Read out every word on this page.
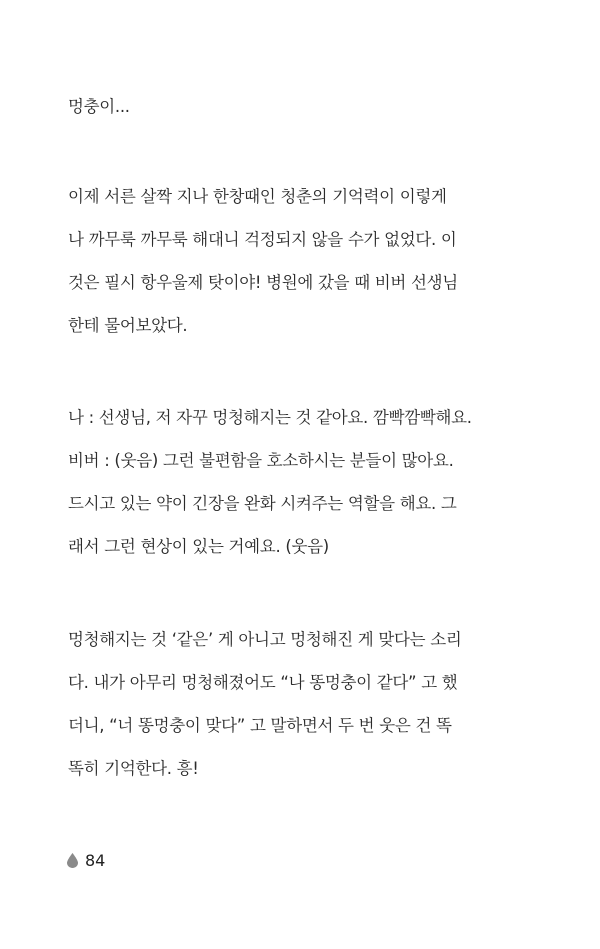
멍충이...
이제 서른 살짝 지나 한창때인 청춘의 기억력이 이렇게
나 까무룩 까무룩 해대니 걱정되지 않을 수가 없었다. 이
것은 필시 항우울제 탓이야! 병원에 갔을 때 비버 선생님
한테 물어보았다.
나 : 선생님, 저 자꾸 멍청해지는 것 같아요. 깜빡깜빡해요.
비버 : (웃음) 그런 불편함을 호소하시는 분들이 많아요.
드시고 있는 약이 긴장을 완화 시켜주는 역할을 해요. 그
래서 그런 현상이 있는 거예요. (웃음)
멍청해지는 것 ‘같은’ 게 아니고 멍청해진 게 맞다는 소리
다. 내가 아무리 멍청해졌어도 “나 똥멍충이 같다” 고 했
더니, “너 똥멍충이 맞다” 고 말하면서 두 번 웃은 건 똑
똑히 기억한다. 흥!
84
